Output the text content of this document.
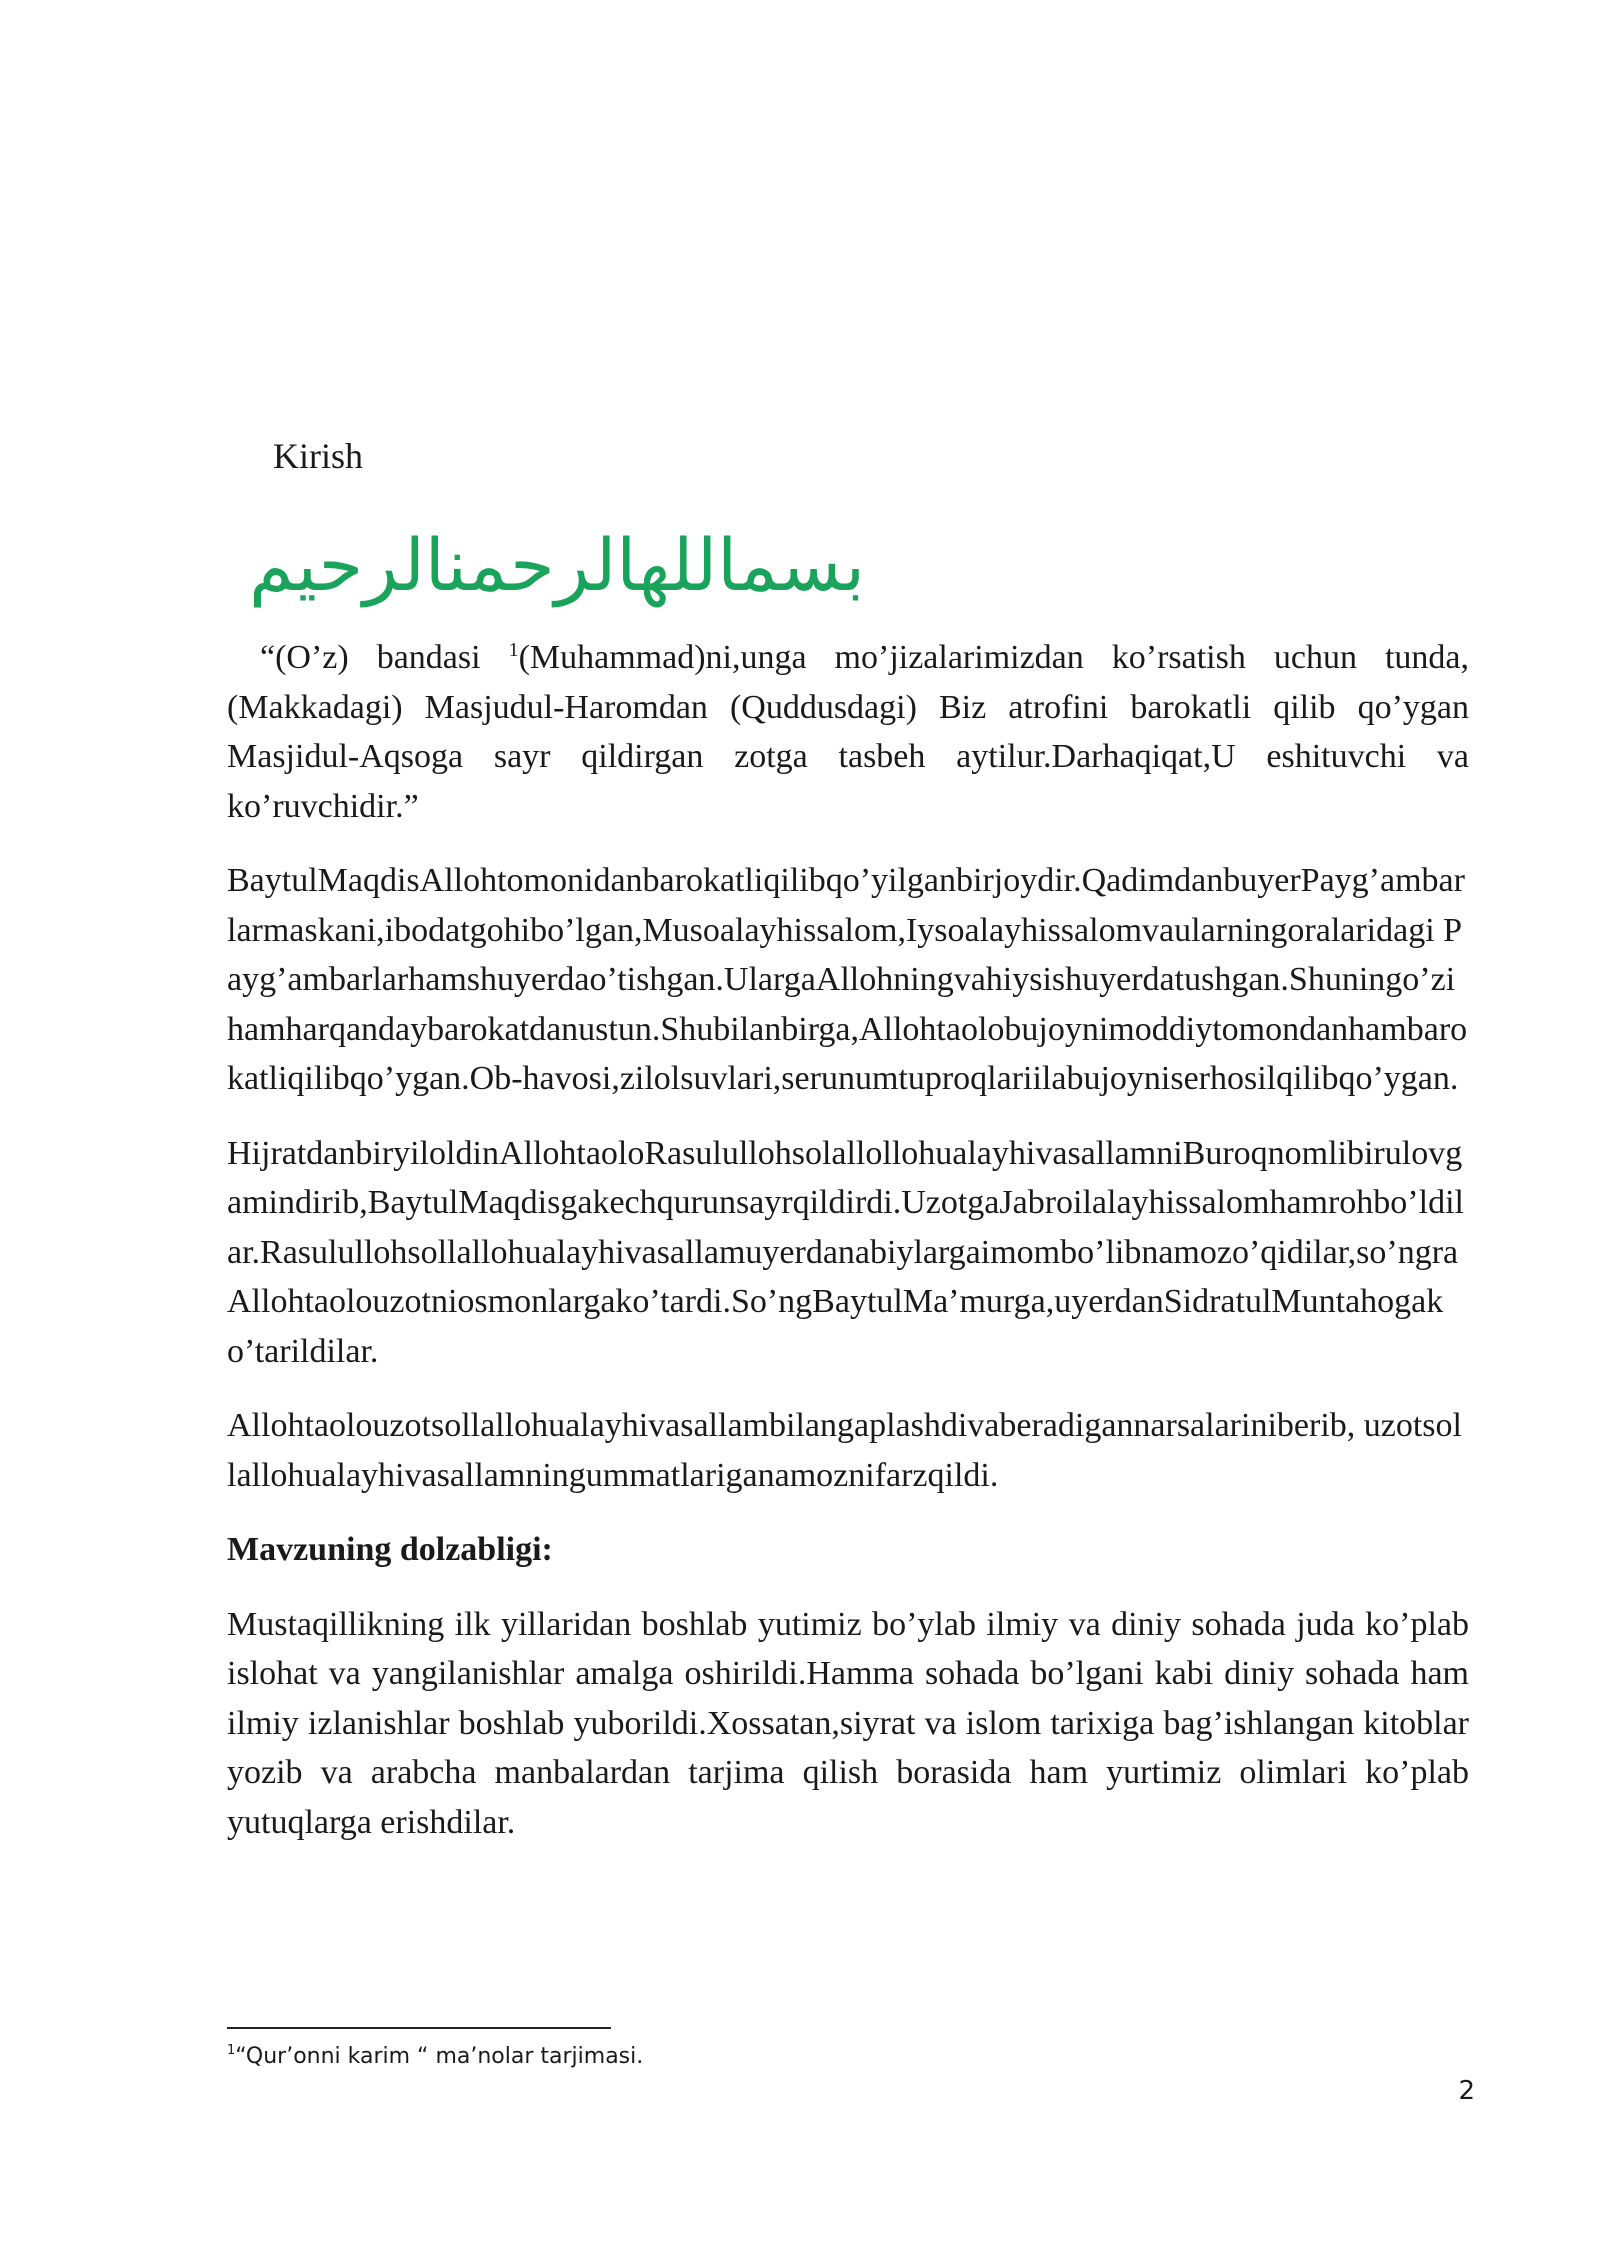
Kirish
بسماللهالرحمنالرحيم

“(O’z) bandasi $^1$(Muhammad)ni,unga mo’jizalarimizdan ko’rsatish uchun tunda, (Makkadagi) Masjudul-Haromdan (Quddusdagi) Biz atrofini barokatli qilib qo’ygan Masjidul-Aqsoga sayr qildirgan zotga tasbeh aytilur.Darhaqiqat,U eshituvchi va ko’ruvchidir.”

BaytulMaqdisAllohtomonidanbarokatliqilibqo’yilganbirjoydir.QadimdanbuyerPayg’ambarlarmaskani,ibodatgohibo’lgan,Musoalayhissalom,Iysoalayhissalomvaularningoralaridagi Payg’ambarlarhamshuyerdao’tishgan.UlargaAllohningvahiysishuyerdatushgan.Shuningo’zihamharqandaybarokatdanustun.Shubilanbirga,Allohtaolobujoynimoddiytomondanhambarokatliqilibqo’ygan.Ob-havosi,zilolsuvlari,serunumtuproqlariilabujoyniserhosilqilibqo’ygan.

HijratdanbiryiloldinAllohtaoloRasulullohsolallollohualayhivasallamniBuroqnomlibirulovgamindirib,BaytulMaqdisgakechqurunsayrqildirdi.UzotgaJabroilalayhissalomhamrohbo’ldilar.Rasulullohsollallohualayhivasallamuyerdanabiylargaimombo’libnamozo’qidilar,so’ngraAllohtaolouzotniosmonlargako’tardi.So’ngBaytulMa’murga,uyerdanSidratulMuntahogako’tarildilar.

Allohtaolouzotsollallohualayhivasallambilangaplashdivaberadigannarsalariniberib, uzotsollallohualayhivasallamningummatlariganamoznifarzqildi.

Mavzuning dolzabligi:

Mustaqillikning ilk yillaridan boshlab yutimiz bo’ylab ilmiy va diniy sohada juda ko’plab islohat va yangilanishlar amalga oshirildi.Hamma sohada bo’lgani kabi diniy sohada ham ilmiy izlanishlar boshlab yuborildi.Xossatan,siyrat va islom tarixiga bag’ishlangan kitoblar yozib va arabcha manbalardan tarjima qilish borasida ham yurtimiz olimlari ko’plab yutuqlarga erishdilar.

$^1$“Qur’onni karim “ ma’nolar tarjimasi.
2
